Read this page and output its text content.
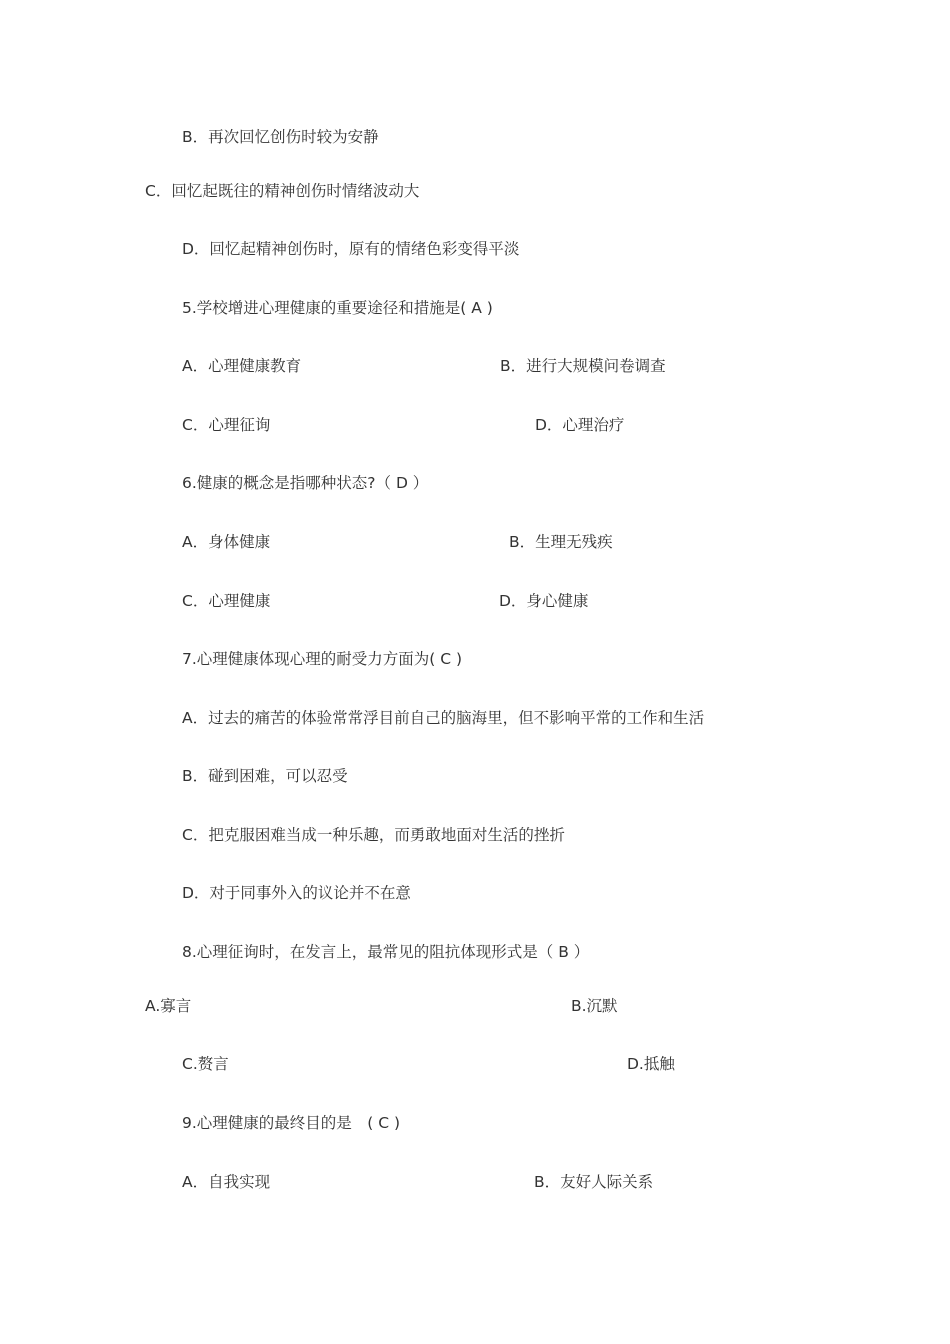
B．再次回忆创伤时较为安静
C．回忆起既往的精神创伤时情绪波动大
D．回忆起精神创伤时，原有的情绪色彩变得平淡
5.学校增进心理健康的重要途径和措施是( A )
A．心理健康教育	B．进行大规模问卷调查
C．心理征询	D．心理治疗
6.健康的概念是指哪种状态?（ D ）
A．身体健康	B．生理无残疾
C．心理健康	D．身心健康
7.心理健康体现心理的耐受力方面为( C )
A．过去的痛苦的体验常常浮目前自己的脑海里，但不影响平常的工作和生活
B．碰到困难，可以忍受
C．把克服困难当成一种乐趣，而勇敢地面对生活的挫折
D．对于同事外入的议论并不在意
8.心理征询时，在发言上，最常见的阻抗体现形式是（ B ）
A.寡言	B.沉默
C.赘言	D.抵触
9.心理健康的最终目的是　( C )
A．自我实现	B．友好人际关系
